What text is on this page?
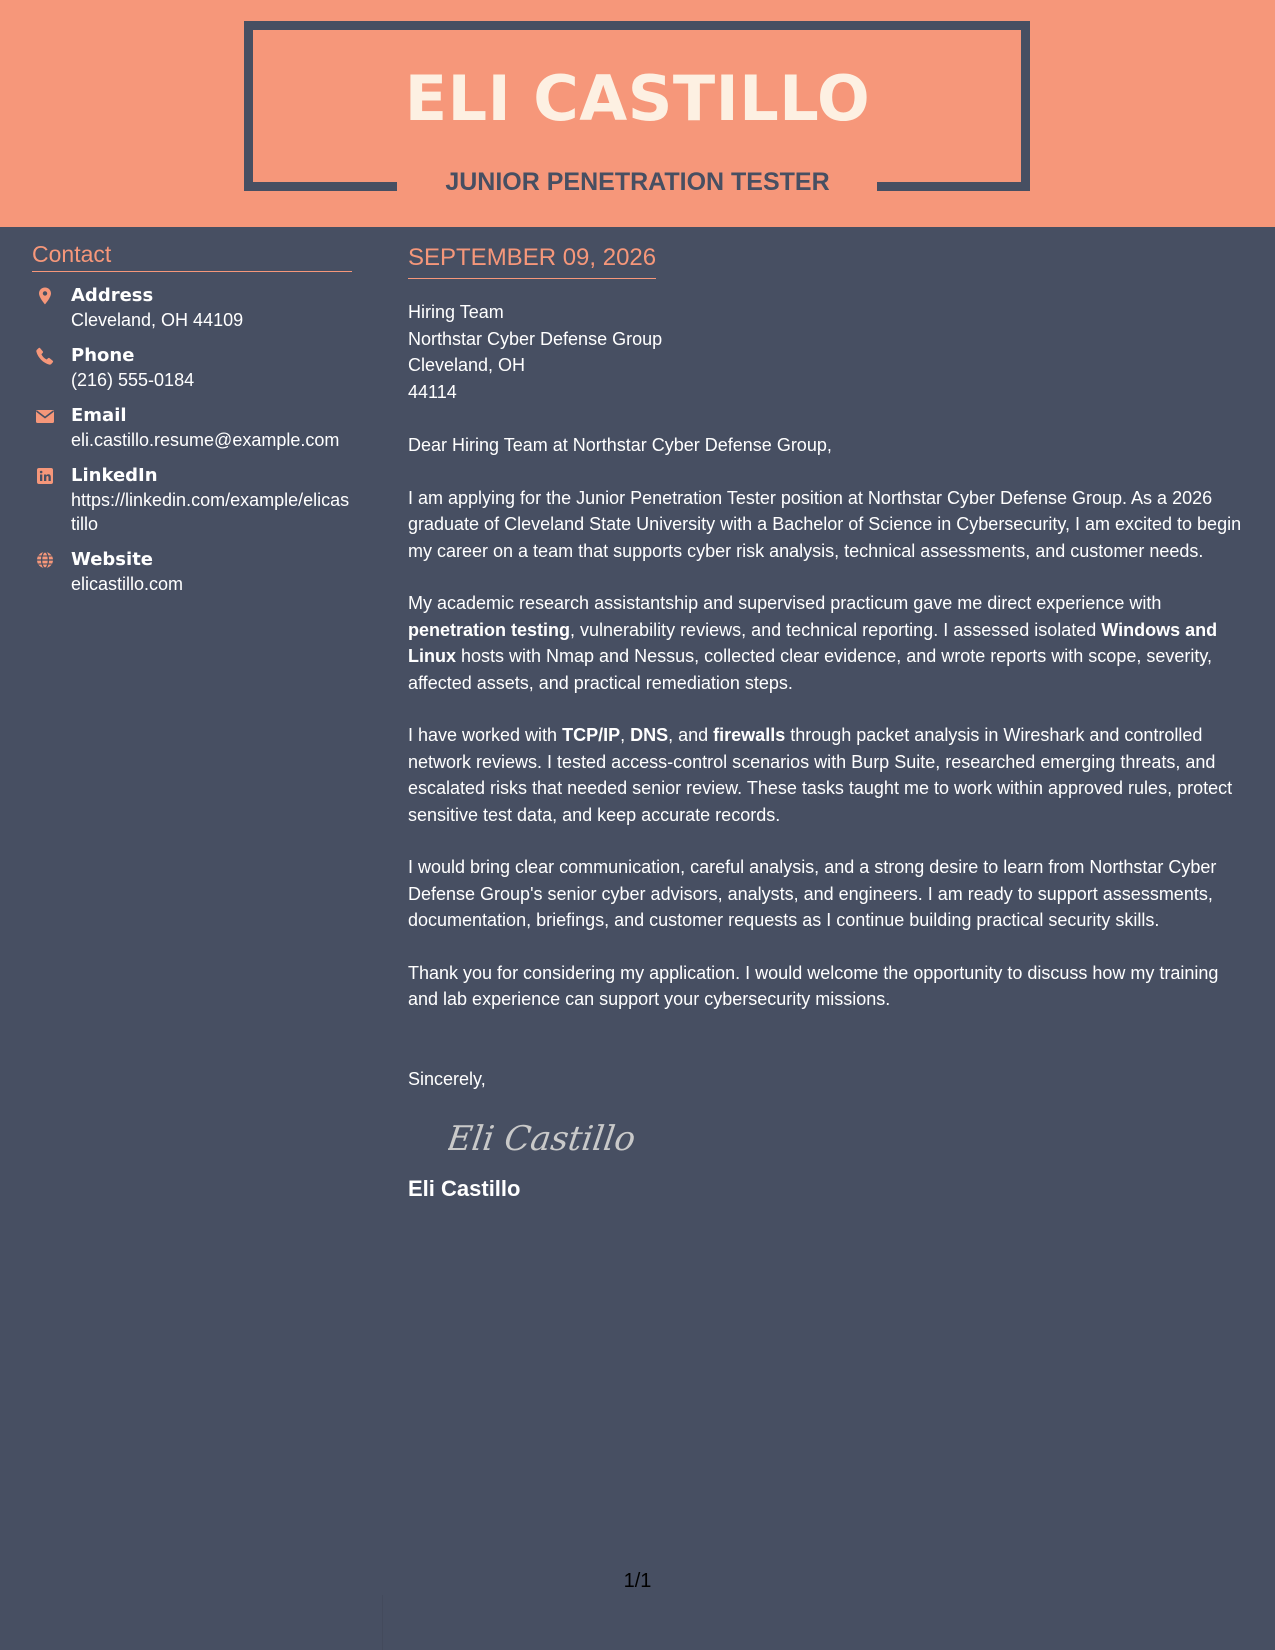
ELI CASTILLO
JUNIOR PENETRATION TESTER
Contact
Address
Cleveland, OH 44109
Phone
(216) 555-0184
Email
eli.castillo.resume@example.com
LinkedIn
https://linkedin.com/example/elicastillo
Website
elicastillo.com
SEPTEMBER 09, 2026
Hiring Team
Northstar Cyber Defense Group
Cleveland, OH
44114
Dear Hiring Team at Northstar Cyber Defense Group,
I am applying for the Junior Penetration Tester position at Northstar Cyber Defense Group. As a 2026 graduate of Cleveland State University with a Bachelor of Science in Cybersecurity, I am excited to begin my career on a team that supports cyber risk analysis, technical assessments, and customer needs.
My academic research assistantship and supervised practicum gave me direct experience with penetration testing, vulnerability reviews, and technical reporting. I assessed isolated Windows and Linux hosts with Nmap and Nessus, collected clear evidence, and wrote reports with scope, severity, affected assets, and practical remediation steps.
I have worked with TCP/IP, DNS, and firewalls through packet analysis in Wireshark and controlled network reviews. I tested access-control scenarios with Burp Suite, researched emerging threats, and escalated risks that needed senior review. These tasks taught me to work within approved rules, protect sensitive test data, and keep accurate records.
I would bring clear communication, careful analysis, and a strong desire to learn from Northstar Cyber Defense Group's senior cyber advisors, analysts, and engineers. I am ready to support assessments, documentation, briefings, and customer requests as I continue building practical security skills.
Thank you for considering my application. I would welcome the opportunity to discuss how my training and lab experience can support your cybersecurity missions.
Sincerely,
Eli Castillo
Eli Castillo
1/1
